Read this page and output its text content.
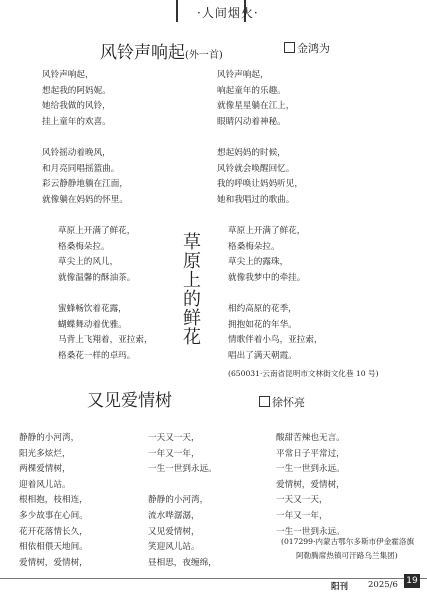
·人间烟火·
风铃声响起(外一首)
金鸿为
风铃声响起，
想起我的阿妈妮。
她给我做的风铃，
挂上童年的欢喜。
风铃摇动着晚风，
和月亮同唱摇篮曲。
彩云静静地躺在江面，
就像躺在妈妈的怀里。
风铃声响起，
响起童年的乐趣。
就像星星躺在江上，
眼睛闪动着神秘。
想起妈妈的时候，
风铃就会唤醒回忆。
我的呼唤让妈妈听见，
她和我唱过的歌曲。
草原上开满了鲜花，
格桑梅朵拉。
草尖上的风儿，
就像温馨的酥油茶。
蜜蜂畅饮着花露，
蝴蝶舞动着优雅。
马背上飞翔着，亚拉索，
格桑花一样的卓玛。
草原上的鲜花
草原上开满了鲜花，
格桑梅朵拉。
草尖上的露珠，
就像我梦中的牵挂。
相约高原的花季，
拥抱如花的年华。
情歌伴着小鸟，亚拉索，
唱出了满天朝霞。
(650031·云南省昆明市文林街文化巷 10 号)
又见爱情树	徐怀亮
静静的小河湾，
阳光多炫烂，
两棵爱情树，
迎着风儿站。
根相抱，枝相连，
多少故事在心间。
花开花落情长久，
相依相偎天地间。
爱情树，爱情树，
一天又一天，
一年又一年，
一生一世到永远。
静静的小河湾，
流水哗潺潺，
又见爱情树，
笑迎风儿站。
昼相思，夜缠绵，
酸甜苦辣也无言。
平常日子平常过，
一生一世到永远。
爱情树，爱情树，
一天又一天，
一年又一年，
一生一世到永远。
(017299·内蒙古鄂尔多斯市伊金霍洛旗
阿勒腾席热镇可汗路乌兰集团)
阳刊 2025/6 19
